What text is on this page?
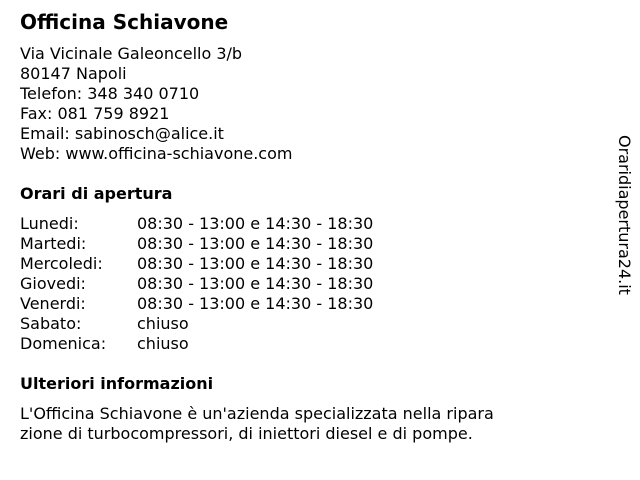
Officina Schiavone
Via Vicinale Galeoncello 3/b
80147 Napoli
Telefon: 348 340 0710
Fax: 081 759 8921
Email: sabinosch@alice.it
Web: www.officina-schiavone.com
Orari di apertura
Lunedi:	08:30 - 13:00 e 14:30 - 18:30
Martedi:	08:30 - 13:00 e 14:30 - 18:30
Mercoledi: 08:30 - 13:00 e 14:30 - 18:30
Giovedi:	08:30 - 13:00 e 14:30 - 18:30
Venerdi:	08:30 - 13:00 e 14:30 - 18:30
Sabato:	chiuso
Domenica: chiuso
Ulteriori informazioni
L'Officina Schiavone è un'azienda specializzata nella ripara
zione di turbocompressori, di iniettori diesel e di pompe.
Oraridiapertura24.it
